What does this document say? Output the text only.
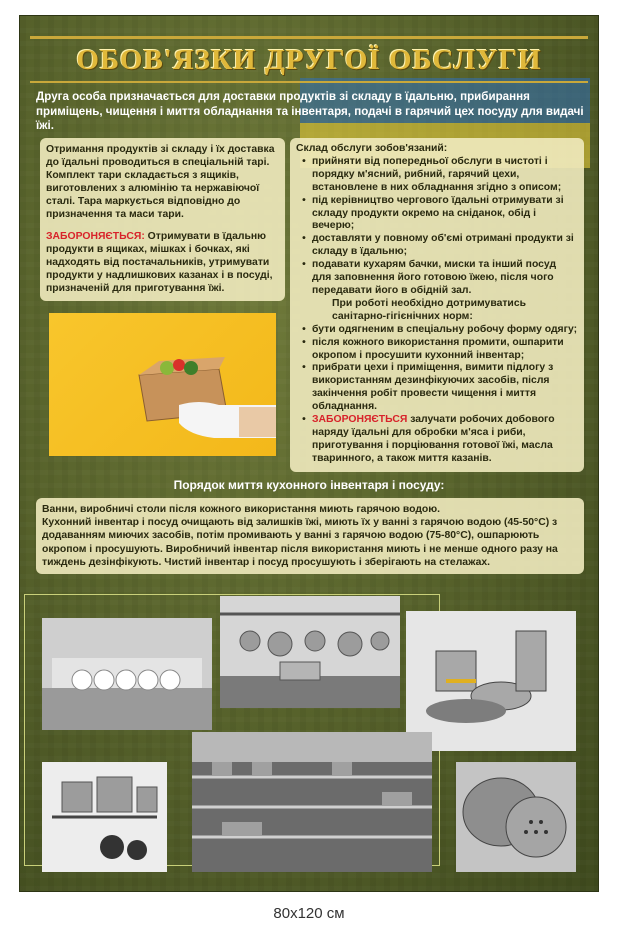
ОБОВ'ЯЗКИ ДРУГОЇ ОБСЛУГИ
Друга особа призначається для доставки продуктів зі складу в їдальню, прибирання приміщень, чищення і миття обладнання та інвентаря, подачі в гарячий цех посуду для видачі їжі.
Отримання продуктів зі складу і їх доставка до їдальні проводиться в спеціальній тарі. Комплект тари складається з ящиків, виготовлених з алюмінію та нержавіючої сталі. Тара маркується відповідно до призначення та маси тари.
ЗАБОРОНЯЄТЬСЯ: Отримувати в їдальню продукти в ящиках, мішках і бочках, які надходять від постачальників, утримувати продукти у надлишкових казанах і в посуді, призначеній для приготування їжі.
Склад обслуги зобов'язаний:
• прийняти від попередньої обслуги в чистоті і порядку м'ясний, рибний, гарячий цехи, встановлене в них обладнання згідно з описом;
• під керівництво чергового їдальні отримувати зі складу продукти окремо на сніданок, обід і вечерю;
• доставляти у повному об'ємі отримані продукти зі складу в їдальню;
• подавати кухарям бачки, миски та інший посуд для заповнення його готовою їжею, після чого передавати його в обідній зал.
При роботі необхідно дотримуватись санітарно-гігієнічних норм:
• бути одягненим в спеціальну робочу форму одягу;
• після кожного використання промити, ошпарити окропом і просушити кухонний інвентар;
• прибрати цехи і приміщення, вимити підлогу з використанням дезинфікуючих засобів, після закінчення робіт провести чищення і миття обладнання.
• ЗАБОРОНЯЄТЬСЯ залучати робочих добового наряду їдальні для обробки м'яса і риби, приготування і порціювання готової їжі, масла тваринного, а також миття казанів.
Порядок миття кухонного інвентаря і посуду:
Ванни, виробничі столи після кожного використання миють гарячою водою.
Кухонний інвентар і посуд очищають від залишків їжі, миють їх у ванні з гарячою водою (45-50°C) з додаванням миючих засобів, потім промивають у ванні з гарячою водою (75-80°C), ошпарюють окропом і просушують. Виробничий інвентар після використання миють і не менше одного разу на тиждень дезінфікують. Чистий інвентар і посуд просушують і зберігають на стелажах.
80x120 см
